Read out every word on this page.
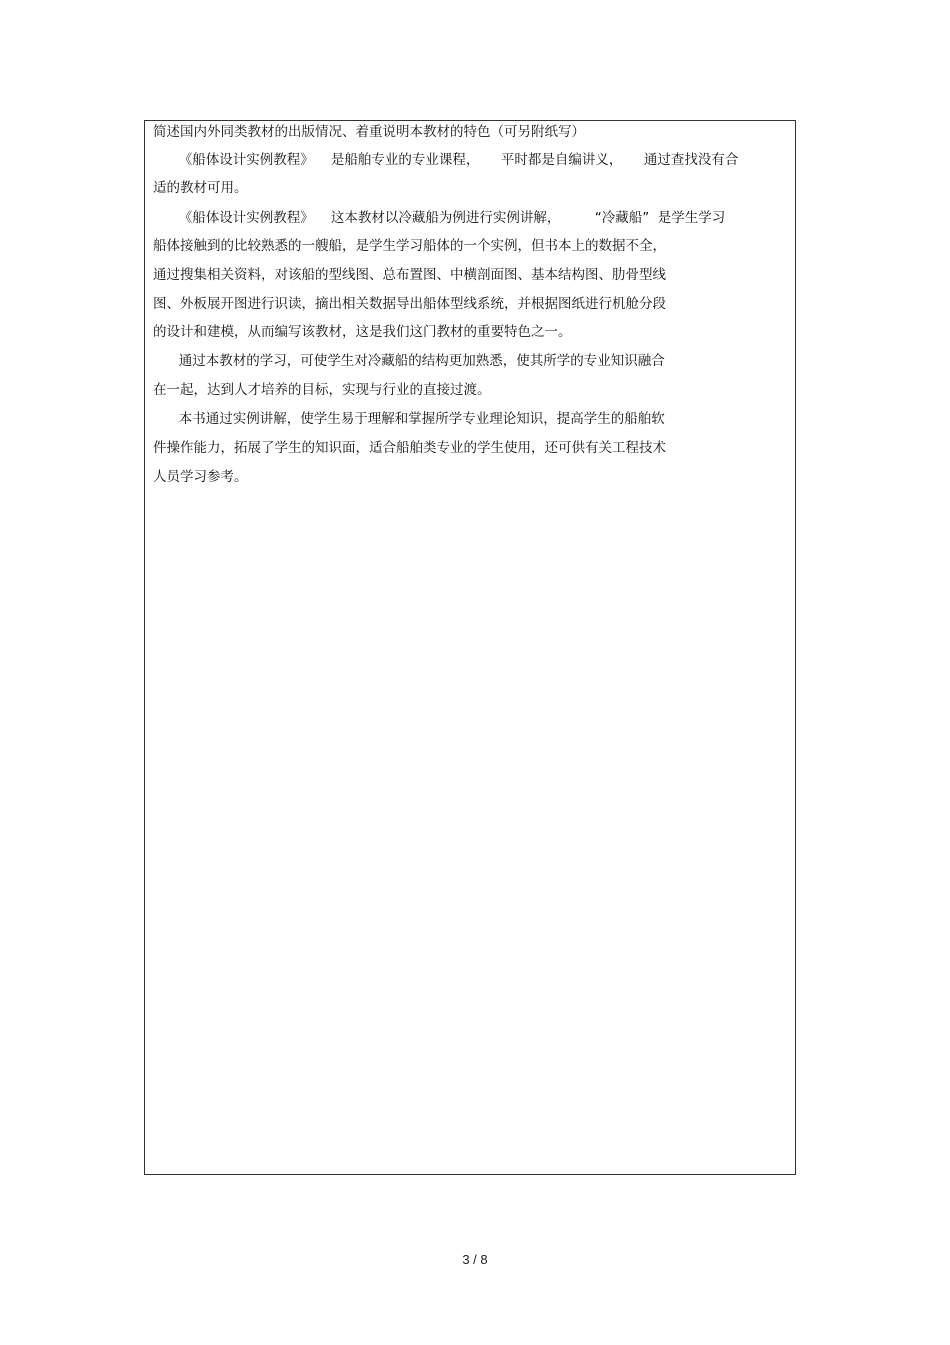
简述国内外同类教材的出版情况、着重说明本教材的特色（可另附纸写）
《船体设计实例教程》    是船舶专业的专业课程，     平时都是自编讲义，     通过查找没有合
适的教材可用。
《船体设计实例教程》    这本教材以冷藏船为例进行实例讲解，        “冷藏船”  是学生学习
船体接触到的比较熟悉的一艘船，是学生学习船体的一个实例，但书本上的数据不全，
通过搜集相关资料，对该船的型线图、总布置图、中横剖面图、基本结构图、肋骨型线
图、外板展开图进行识读，摘出相关数据导出船体型线系统，并根据图纸进行机舱分段
的设计和建模，从而编写该教材，这是我们这门教材的重要特色之一。
通过本教材的学习，可使学生对冷藏船的结构更加熟悉，使其所学的专业知识融合
在一起，达到人才培养的目标，实现与行业的直接过渡。
本书通过实例讲解，使学生易于理解和掌握所学专业理论知识，提高学生的船舶软
件操作能力，拓展了学生的知识面，适合船舶类专业的学生使用，还可供有关工程技术
人员学习参考。
3 / 8
